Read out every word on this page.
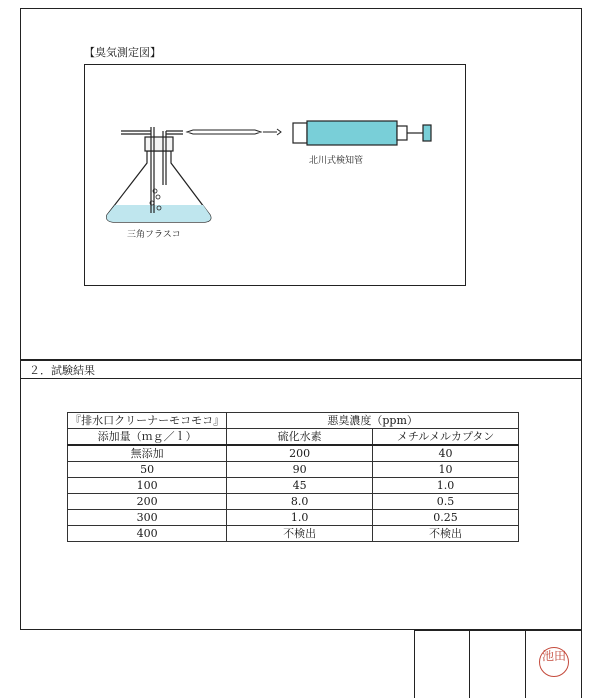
【臭気測定図】
北川式検知管
三角フラスコ
２．試験結果
『排水口クリーナーモコモコ』	悪臭濃度（ppm）	
添加量（ｍｇ／ｌ）	硫化水素	メチルメルカプタン
無添加	200	40
50	90	10
100	45	1.0
200	8.0	0.5
300	1.0	0.25
400	不検出	不検出
池田
